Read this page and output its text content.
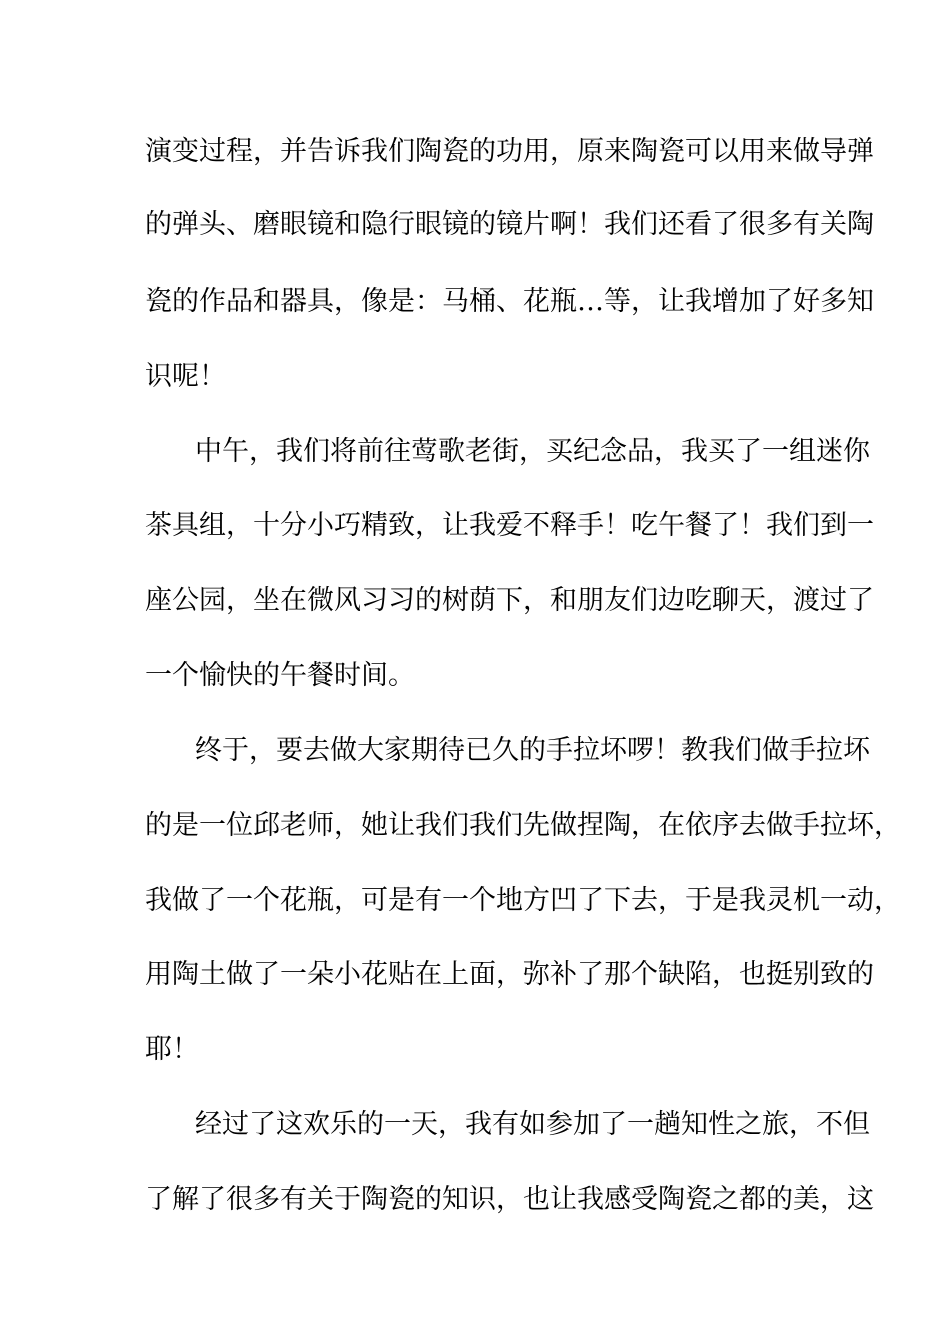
演变过程，并告诉我们陶瓷的功用，原来陶瓷可以用来做导弹
的弹头、磨眼镜和隐行眼镜的镜片啊！我们还看了很多有关陶
瓷的作品和器具，像是：马桶、花瓶…等，让我增加了好多知
识呢！
中午，我们将前往莺歌老街，买纪念品，我买了一组迷你
茶具组，十分小巧精致，让我爱不释手！吃午餐了！我们到一
座公园，坐在微风习习的树荫下，和朋友们边吃聊天，渡过了
一个愉快的午餐时间。
终于，要去做大家期待已久的手拉坏啰！教我们做手拉坏
的是一位邱老师，她让我们我们先做捏陶，在依序去做手拉坏，
我做了一个花瓶，可是有一个地方凹了下去，于是我灵机一动，
用陶土做了一朵小花贴在上面，弥补了那个缺陷，也挺别致的
耶！
经过了这欢乐的一天，我有如参加了一趟知性之旅，不但
了解了很多有关于陶瓷的知识，也让我感受陶瓷之都的美，这
